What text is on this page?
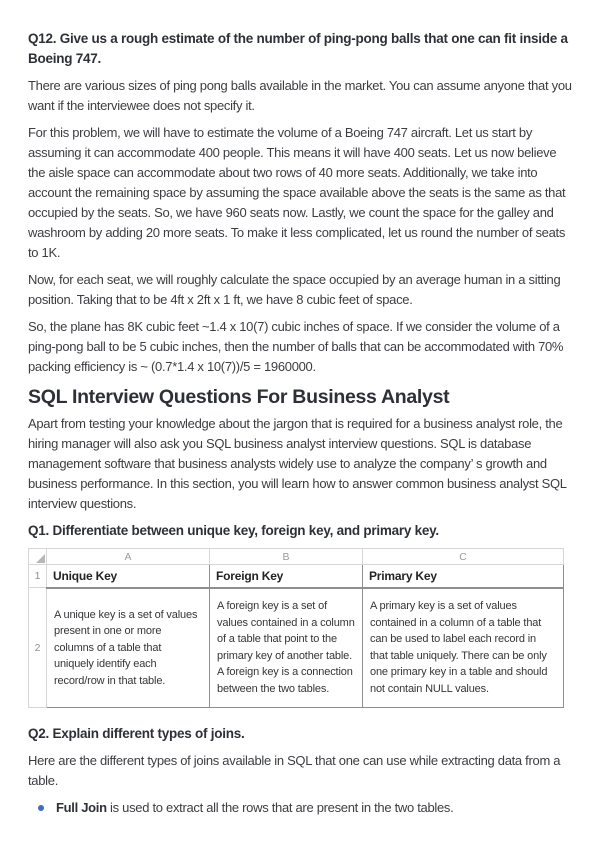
Q12. Give us a rough estimate of the number of ping-pong balls that one can fit inside a Boeing 747.

There are various sizes of ping pong balls available in the market. You can assume anyone that you want if the interviewee does not specify it.

For this problem, we will have to estimate the volume of a Boeing 747 aircraft. Let us start by assuming it can accommodate 400 people. This means it will have 400 seats. Let us now believe the aisle space can accommodate about two rows of 40 more seats. Additionally, we take into account the remaining space by assuming the space available above the seats is the same as that occupied by the seats. So, we have 960 seats now. Lastly, we count the space for the galley and washroom by adding 20 more seats. To make it less complicated, let us round the number of seats to 1K.

Now, for each seat, we will roughly calculate the space occupied by an average human in a sitting position. Taking that to be 4ft x 2ft x 1 ft, we have 8 cubic feet of space.

So, the plane has 8K cubic feet ~1.4 x 10(7) cubic inches of space. If we consider the volume of a ping-pong ball to be 5 cubic inches, then the number of balls that can be accommodated with 70% packing efficiency is ~ (0.7*1.4 x 10(7))/5 = 1960000.

SQL Interview Questions For Business Analyst

Apart from testing your knowledge about the jargon that is required for a business analyst role, the hiring manager will also ask you SQL business analyst interview questions. SQL is database management software that business analysts widely use to analyze the company’ s growth and business performance. In this section, you will learn how to answer common business analyst SQL interview questions.

Q1. Differentiate between unique key, foreign key, and primary key.
	A	B	C
1	Unique Key	Foreign Key	Primary Key
2	A unique key is a set of values present in one or more columns of a table that uniquely identify each record/row in that table.	A foreign key is a set of values contained in a column of a table that point to the primary key of another table. A foreign key is a connection between the two tables.	A primary key is a set of values contained in a column of a table that can be used to label each record in that table uniquely. There can be only one primary key in a table and should not contain NULL values.
Q2. Explain different types of joins.

Here are the different types of joins available in SQL that one can use while extracting data from a table.

Full Join is used to extract all the rows that are present in the two tables.
